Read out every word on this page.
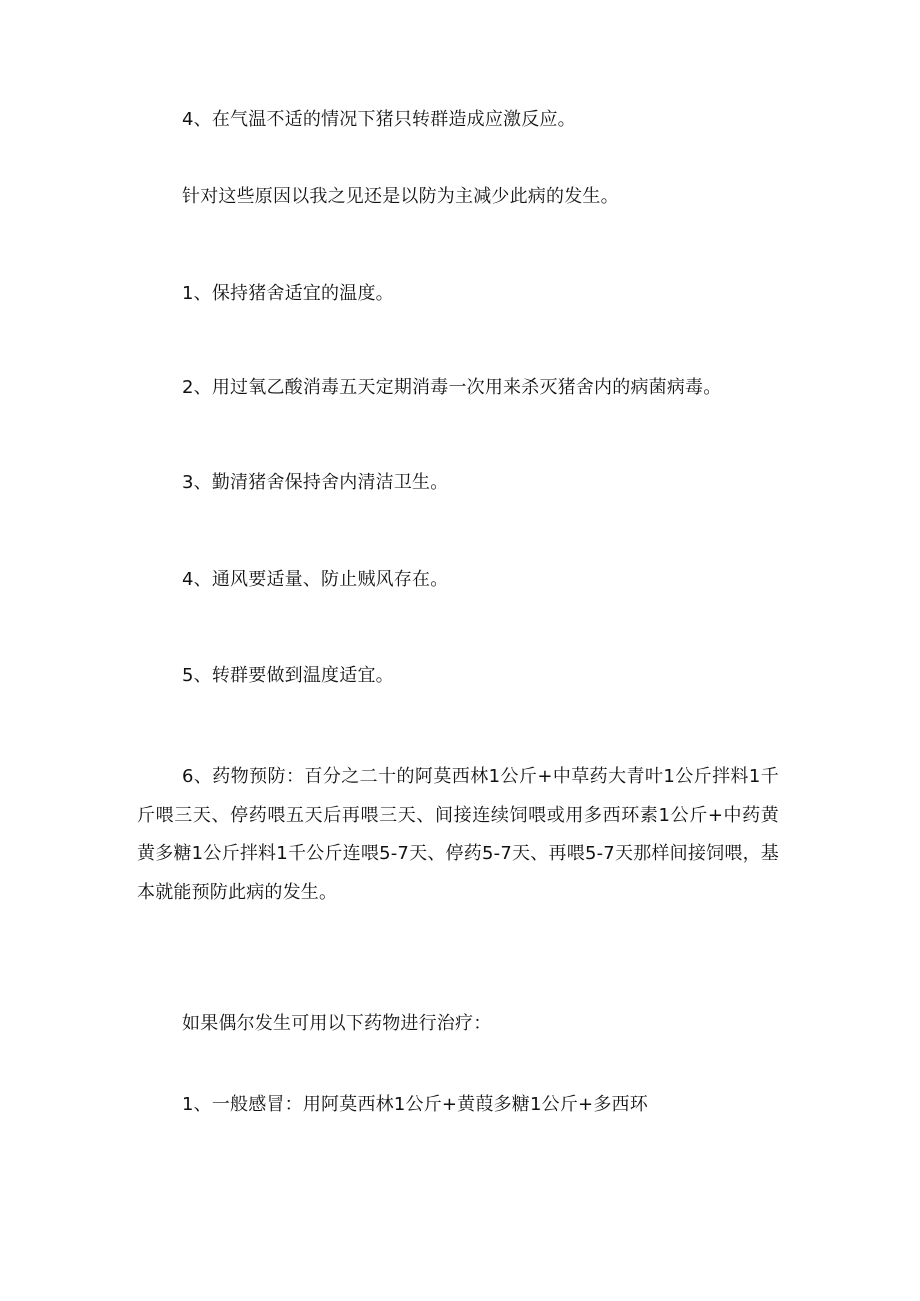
4、在气温不适的情况下猪只转群造成应激反应。
针对这些原因以我之见还是以防为主减少此病的发生。
1、保持猪舍适宜的温度。
2、用过氧乙酸消毒五天定期消毒一次用来杀灭猪舍内的病菌病毒。
3、勤清猪舍保持舍内清洁卫生。
4、通风要适量、防止贼风存在。
5、转群要做到温度适宜。
6、药物预防：百分之二十的阿莫西林1公斤+中草药大青叶1公斤拌料1千斤喂三天、停药喂五天后再喂三天、间接连续饲喂或用多西环素1公斤+中药黄黄多糖1公斤拌料1千公斤连喂5-7天、停药5-7天、再喂5-7天那样间接饲喂，基本就能预防此病的发生。
如果偶尔发生可用以下药物进行治疗：
1、一般感冒：用阿莫西林1公斤+黄葭多糖1公斤+多西环
